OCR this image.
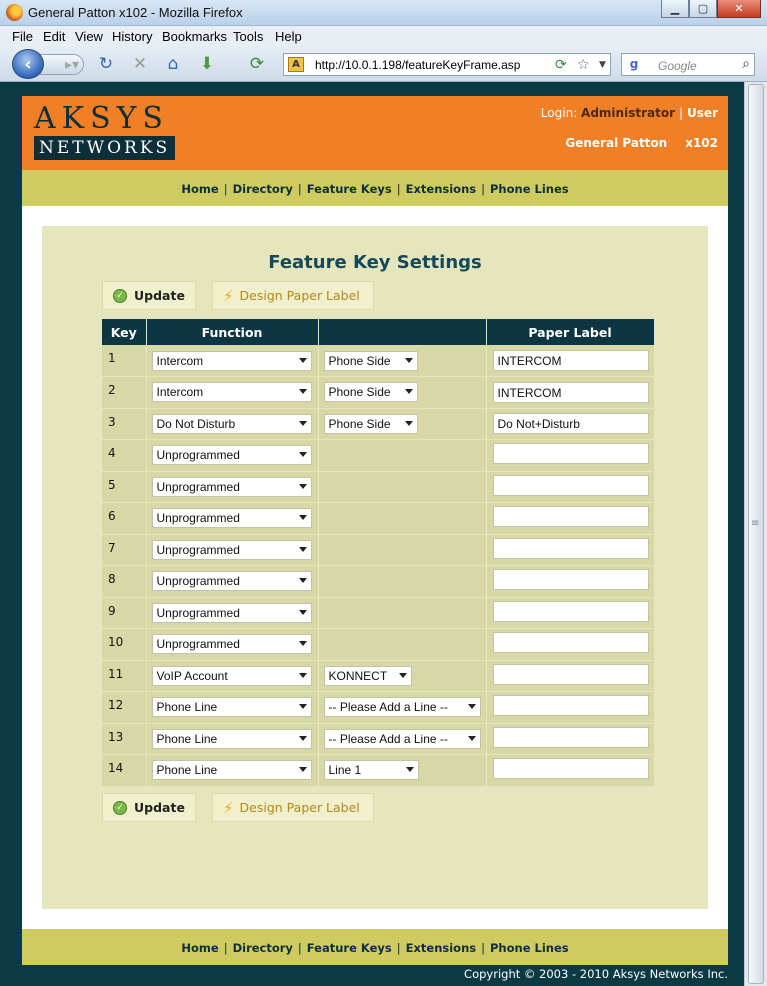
General Patton x102 - Mozilla Firefox	▁	▢	✕
File Edit View History Bookmarks Tools Help
▸▾
‹	↻ ✕ ⌂ ⬇ ⟳	A	http://10.0.1.198/featureKeyFrame.asp ⟳ ☆ ▼	g	Google	⌕
≡
AKSYS
NETWORKS
Login: Administrator | User
General Patton x102
Home | Directory | Feature Keys | Extensions | Phone Lines
Feature Key Settings
✓ Update	⚡ Design Paper Label
Key	Function		Paper Label
1	Intercom	Phone Side	INTERCOM
2	Intercom	Phone Side	INTERCOM
3	Do Not Disturb	Phone Side	Do Not+Disturb
4	Unprogrammed		

5	Unprogrammed		

6	Unprogrammed		

7	Unprogrammed		

8	Unprogrammed		

9	Unprogrammed		

10	Unprogrammed		

11	VoIP Account	KONNECT	

12	Phone Line	-- Please Add a Line --	

13	Phone Line	-- Please Add a Line --	

14	Phone Line	Line 1	

✓ Update	⚡ Design Paper Label
Home | Directory | Feature Keys | Extensions | Phone Lines
Copyright © 2003 - 2010 Aksys Networks Inc.
